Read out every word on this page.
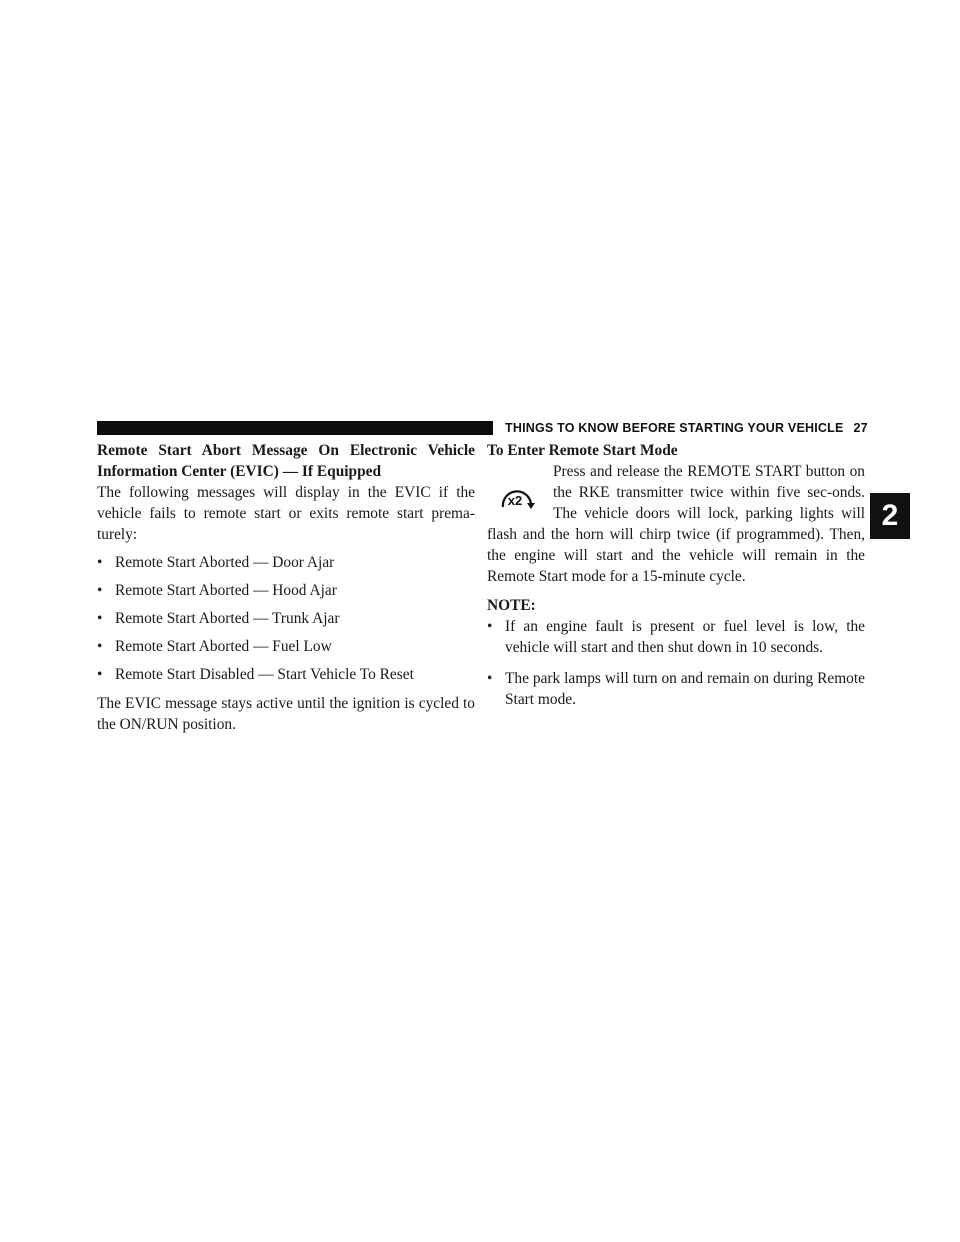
THINGS TO KNOW BEFORE STARTING YOUR VEHICLE 27
2

Remote Start Abort Message On Electronic Vehicle Information Center (EVIC) — If Equipped

The following messages will display in the EVIC if the vehicle fails to remote start or exits remote start prema-turely:

• Remote Start Aborted — Door Ajar
• Remote Start Aborted — Hood Ajar
• Remote Start Aborted — Trunk Ajar
• Remote Start Aborted — Fuel Low
• Remote Start Disabled — Start Vehicle To Reset

The EVIC message stays active until the ignition is cycled to the ON/RUN position.

To Enter Remote Start Mode

x2

Press and release the REMOTE START button on the RKE transmitter twice within five sec-onds. The vehicle doors will lock, parking lights will flash and the horn will chirp twice (if programmed). Then, the engine will start and the vehicle will remain in the Remote Start mode for a 15-minute cycle.

NOTE:

• If an engine fault is present or fuel level is low, the vehicle will start and then shut down in 10 seconds.
• The park lamps will turn on and remain on during Remote Start mode.
